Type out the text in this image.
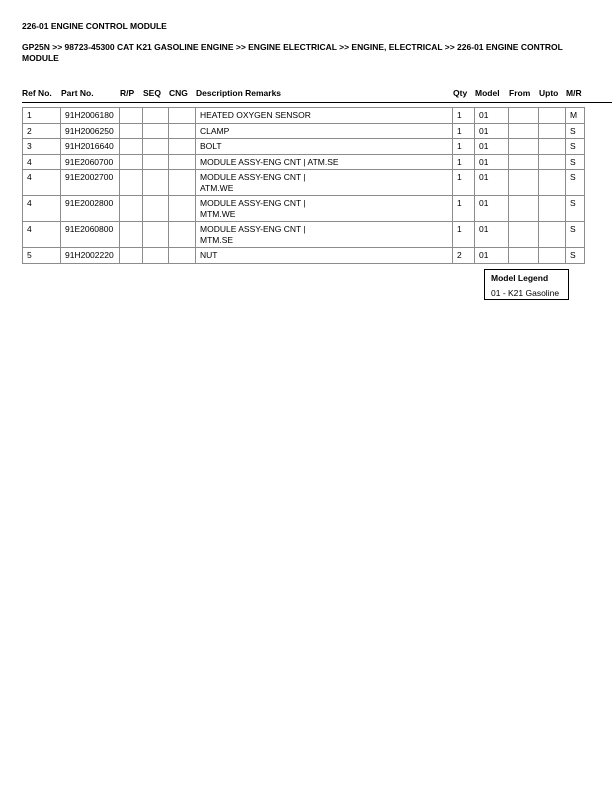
226-01 ENGINE CONTROL MODULE
GP25N >> 98723-45300 CAT K21 GASOLINE ENGINE >> ENGINE ELECTRICAL >> ENGINE, ELECTRICAL >> 226-01 ENGINE CONTROL MODULE
Ref No. Part No.	R/P SEQ CNG Description Remarks	Qty Model From Upto M/R
1	91H2006180				HEATED OXYGEN SENSOR	1	01			M
2	91H2006250				CLAMP	1	01			S
3	91H2016640				BOLT	1	01			S
4	91E2060700				MODULE ASSY-ENG CNT | ATM.SE	1	01			S
4	91E2002700				MODULE ASSY-ENG CNT |
ATM.WE	1	01			S
4	91E2002800				MODULE ASSY-ENG CNT |
MTM.WE	1	01			S
4	91E2060800				MODULE ASSY-ENG CNT |
MTM.SE	1	01			S
5	91H2002220				NUT	2	01			S
Model Legend
01 - K21 Gasoline
